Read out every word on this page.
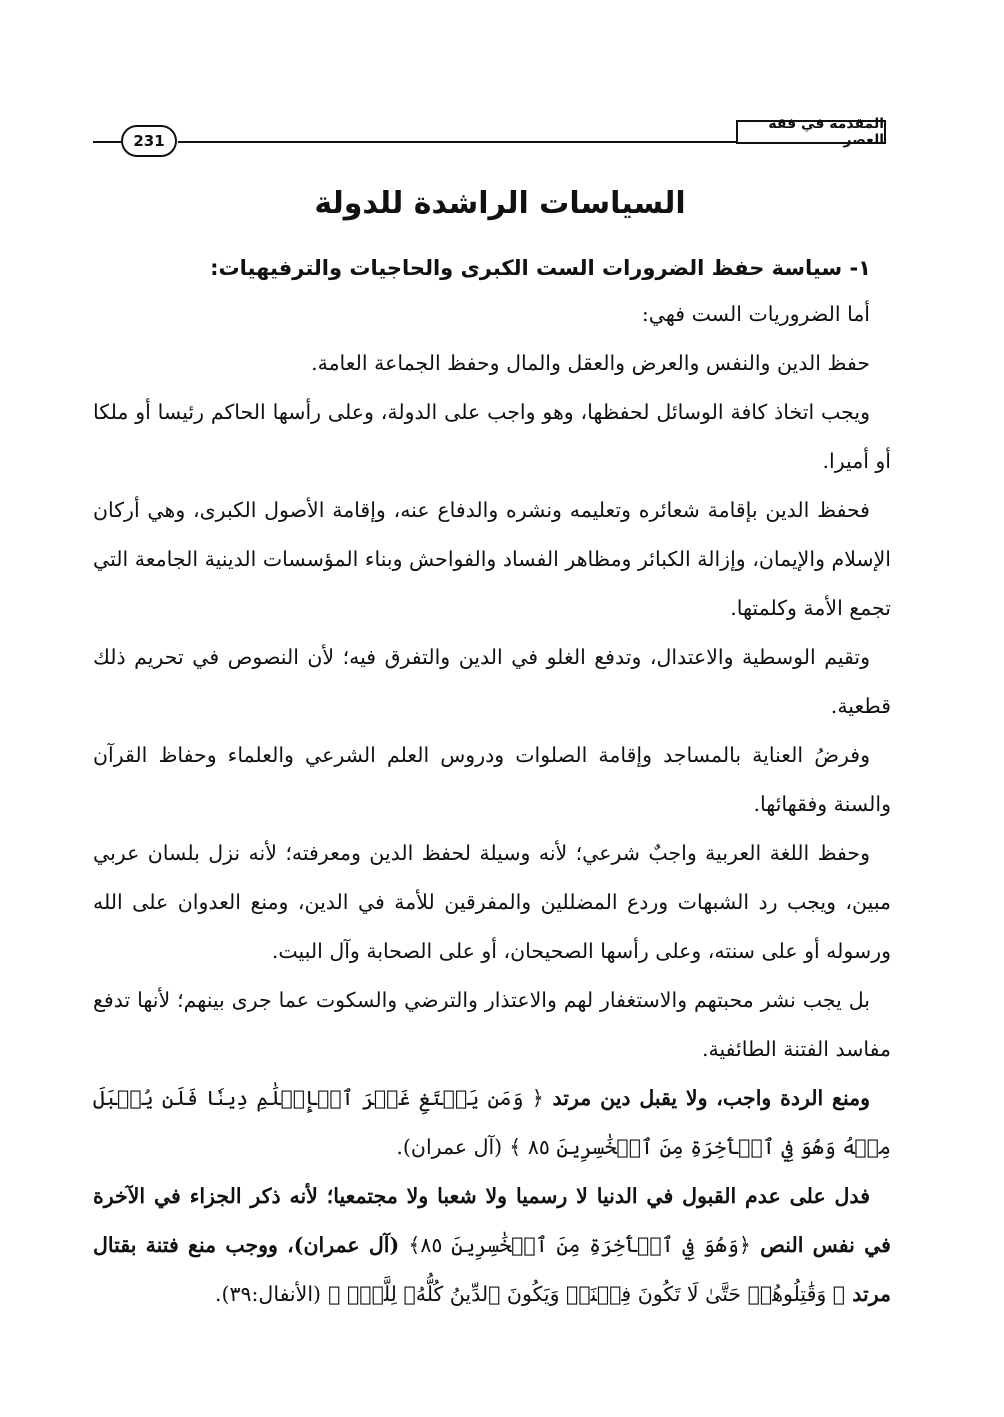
231
المقدمة في فقه العصر
السياسات الراشدة للدولة
١- سياسة حفظ الضرورات الست الكبرى والحاجيات والترفيهيات:

أما الضروريات الست فهي:

حفظ الدين والنفس والعرض والعقل والمال وحفظ الجماعة العامة.

ويجب اتخاذ كافة الوسائل لحفظها، وهو واجب على الدولة، وعلى رأسها الحاكم رئيسا أو ملكا أو أميرا.

فحفظ الدين بإقامة شعائره وتعليمه ونشره والدفاع عنه، وإقامة الأصول الكبرى، وهي أركان الإسلام والإيمان، وإزالة الكبائر ومظاهر الفساد والفواحش وبناء المؤسسات الدينية الجامعة التي تجمع الأمة وكلمتها.

وتقيم الوسطية والاعتدال، وتدفع الغلو في الدين والتفرق فيه؛ لأن النصوص في تحريم ذلك قطعية.

وفرضُ العناية بالمساجد وإقامة الصلوات ودروس العلم الشرعي والعلماء وحفاظ القرآن والسنة وفقهائها.

وحفظ اللغة العربية واجبٌ شرعي؛ لأنه وسيلة لحفظ الدين ومعرفته؛ لأنه نزل بلسان عربي مبين، ويجب رد الشبهات وردع المضللين والمفرقين للأمة في الدين، ومنع العدوان على الله ورسوله أو على سنته، وعلى رأسها الصحيحان، أو على الصحابة وآل البيت.

بل يجب نشر محبتهم والاستغفار لهم والاعتذار والترضي والسكوت عما جرى بينهم؛ لأنها تدفع مفاسد الفتنة الطائفية.

ومنع الردة واجب، ولا يقبل دين مرتد ﴿ وَمَن يَبۡتَغِ غَيۡرَ ٱلۡإِسۡلَٰمِ دِينٗا فَلَن يُقۡبَلَ مِنۡهُ وَهُوَ فِي ٱلۡأٓخِرَةِ مِنَ ٱلۡخَٰسِرِينَ ٨٥ ﴾ (آل عمران).

فدل على عدم القبول في الدنيا لا رسميا ولا شعبا ولا مجتمعيا؛ لأنه ذكر الجزاء في الآخرة في نفس النص ﴿وَهُوَ فِي ٱلۡأٓخِرَةِ مِنَ ٱلۡخَٰسِرِينَ ٨٥﴾ (آل عمران)، ووجب منع فتنة بقتال مرتد ﴿ وَقَٰتِلُوهُمۡ حَتَّىٰ لَا تَكُونَ فِتۡنَةٞ وَيَكُونَ ٱلدِّينُ كُلُّهُۥ لِلَّهِۚ ﴾ (الأنفال:٣٩).
